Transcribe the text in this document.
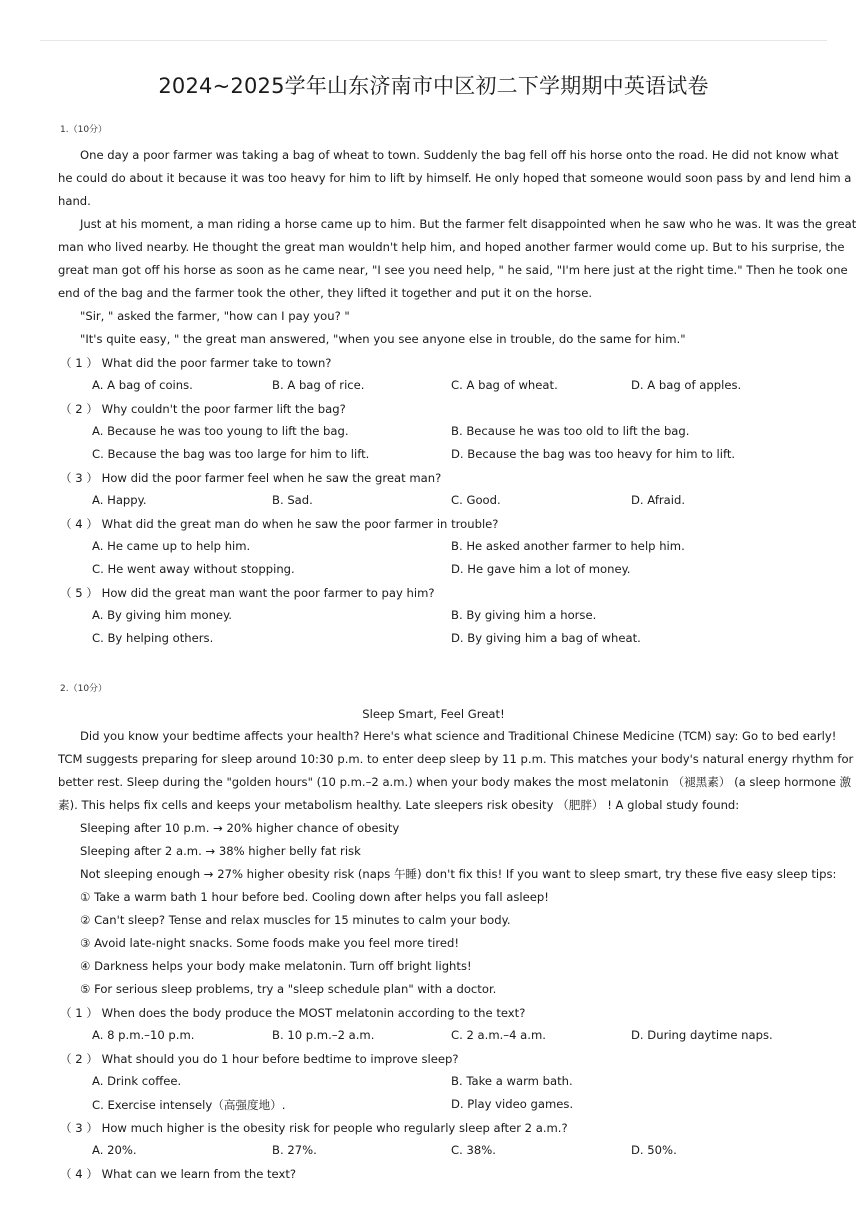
2024~2025学年山东济南市中区初二下学期期中英语试卷
1.（10分）
One day a poor farmer was taking a bag of wheat to town. Suddenly the bag fell off his horse onto the road. He did not know what
he could do about it because it was too heavy for him to lift by himself. He only hoped that someone would soon pass by and lend him a
hand.
Just at his moment, a man riding a horse came up to him. But the farmer felt disappointed when he saw who he was. It was the great
man who lived nearby. He thought the great man wouldn't help him, and hoped another farmer would come up. But to his surprise, the
great man got off his horse as soon as he came near, "I see you need help, " he said, "I'm here just at the right time." Then he took one
end of the bag and the farmer took the other, they lifted it together and put it on the horse.
"Sir, " asked the farmer, "how can I pay you? "
"It's quite easy, " the great man answered, "when you see anyone else in trouble, do the same for him."
（ 1 ） What did the poor farmer take to town?
A. A bag of coins.	B. A bag of rice.	C. A bag of wheat.	D. A bag of apples.
（ 2 ） Why couldn't the poor farmer lift the bag?
A. Because he was too young to lift the bag.	B. Because he was too old to lift the bag.
C. Because the bag was too large for him to lift.	D. Because the bag was too heavy for him to lift.
（ 3 ） How did the poor farmer feel when he saw the great man?
A. Happy.	B. Sad.	C. Good.	D. Afraid.
（ 4 ） What did the great man do when he saw the poor farmer in trouble?
A. He came up to help him.	B. He asked another farmer to help him.
C. He went away without stopping.	D. He gave him a lot of money.
（ 5 ） How did the great man want the poor farmer to pay him?
A. By giving him money.	B. By giving him a horse.
C. By helping others.	D. By giving him a bag of wheat.
2.（10分）
Sleep Smart, Feel Great!
Did you know your bedtime affects your health? Here's what science and Traditional Chinese Medicine (TCM) say: Go to bed early!
TCM suggests preparing for sleep around 10:30 p.m. to enter deep sleep by 11 p.m. This matches your body's natural energy rhythm for
better rest. Sleep during the "golden hours" (10 p.m.–2 a.m.) when your body makes the most melatonin （褪黑素） (a sleep hormone 激
素). This helps fix cells and keeps your metabolism healthy. Late sleepers risk obesity （肥胖） ! A global study found:
Sleeping after 10 p.m. → 20% higher chance of obesity
Sleeping after 2 a.m. → 38% higher belly fat risk
Not sleeping enough → 27% higher obesity risk (naps 午睡) don't fix this! If you want to sleep smart, try these five easy sleep tips:
① Take a warm bath 1 hour before bed. Cooling down after helps you fall asleep!
② Can't sleep? Tense and relax muscles for 15 minutes to calm your body.
③ Avoid late-night snacks. Some foods make you feel more tired!
④ Darkness helps your body make melatonin. Turn off bright lights!
⑤ For serious sleep problems, try a "sleep schedule plan" with a doctor.
（ 1 ） When does the body produce the MOST melatonin according to the text?
A. 8 p.m.–10 p.m.	B. 10 p.m.–2 a.m.	C. 2 a.m.–4 a.m.	D. During daytime naps.
（ 2 ） What should you do 1 hour before bedtime to improve sleep?
A. Drink coffee.	B. Take a warm bath.
C. Exercise intensely（高强度地）.	D. Play video games.
（ 3 ） How much higher is the obesity risk for people who regularly sleep after 2 a.m.?
A. 20%.	B. 27%.	C. 38%.	D. 50%.
（ 4 ） What can we learn from the text?
